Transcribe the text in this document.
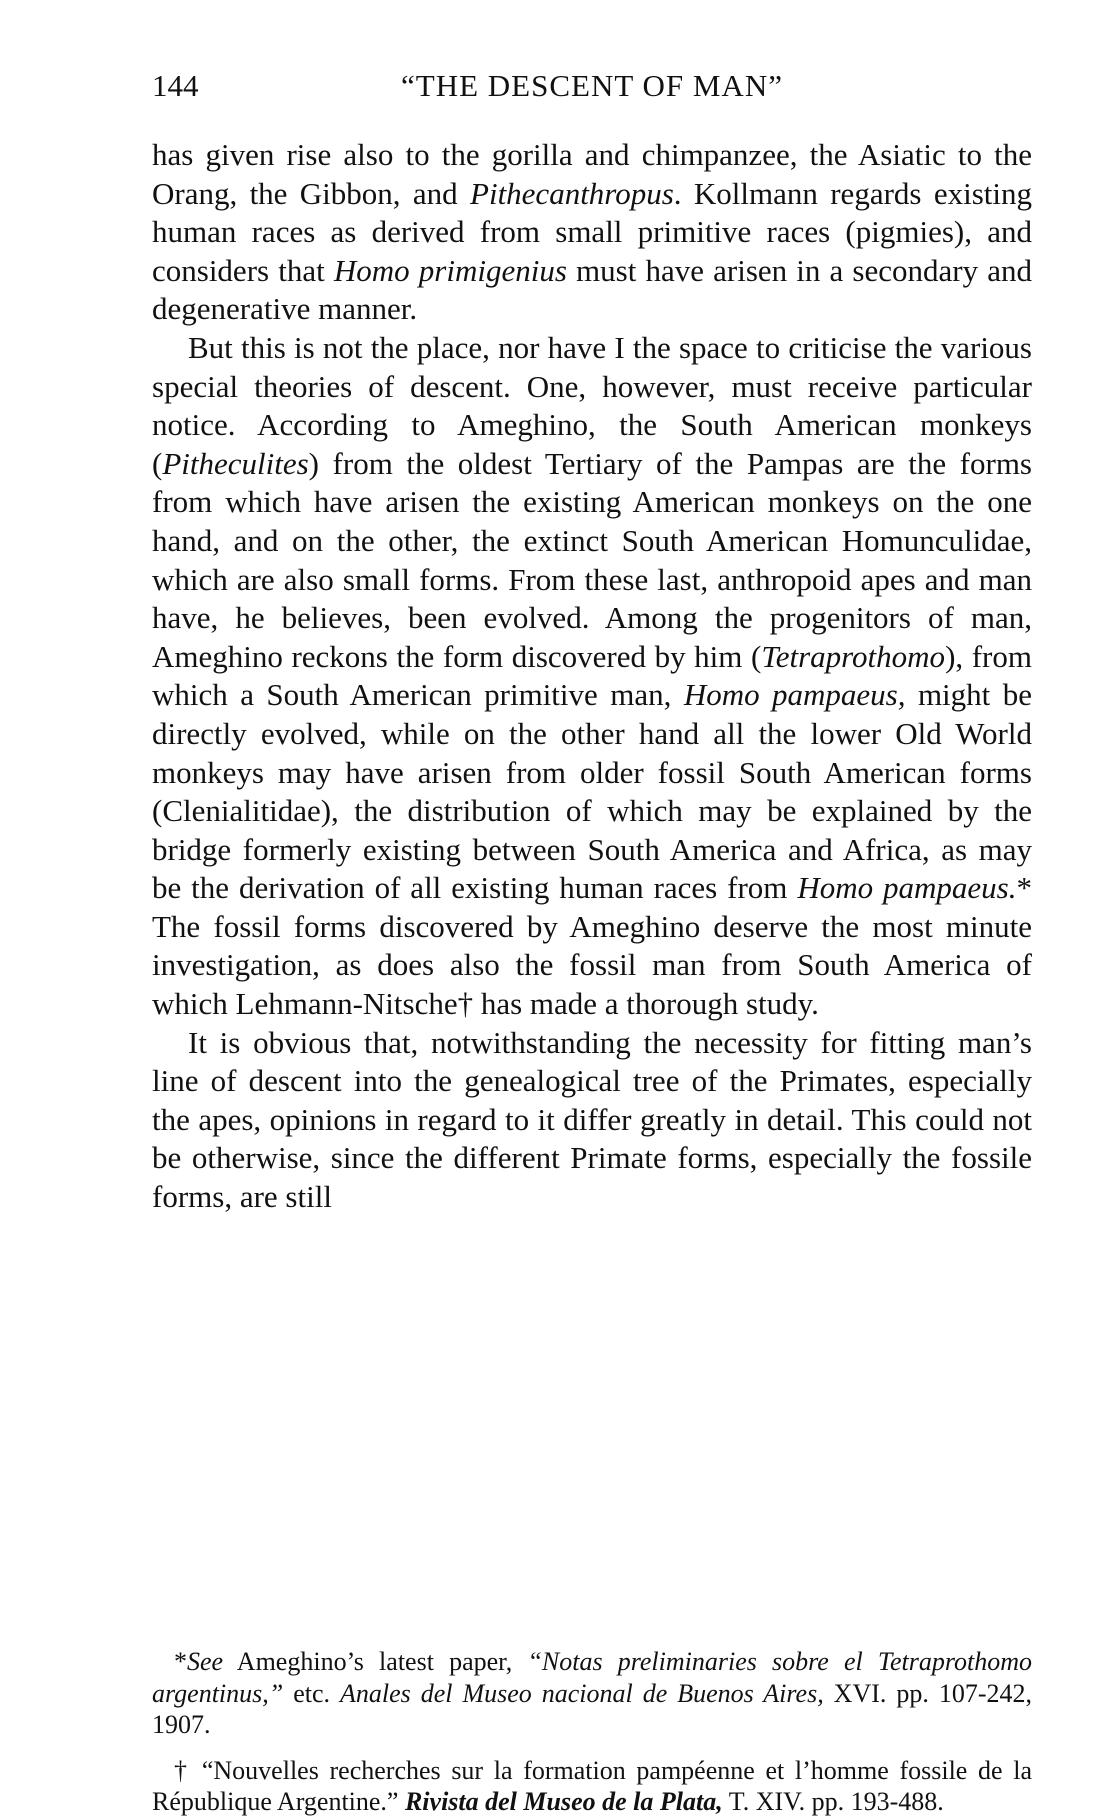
144	“THE DESCENT OF MAN”

has given rise also to the gorilla and chimpanzee, the Asiatic to the Orang, the Gibbon, and Pithecanthropus. Kollmann regards existing human races as derived from small primitive races (pigmies), and considers that Homo primigenius must have arisen in a secondary and degenerative manner.

But this is not the place, nor have I the space to criticise the various special theories of descent. One, however, must receive particular notice. According to Ameghino, the South American monkeys (Pitheculites) from the oldest Tertiary of the Pampas are the forms from which have arisen the existing American monkeys on the one hand, and on the other, the extinct South American Homunculidae, which are also small forms. From these last, anthropoid apes and man have, he believes, been evolved. Among the progenitors of man, Ameghino reckons the form discovered by him (Tetraprothomo), from which a South American primitive man, Homo pampaeus, might be directly evolved, while on the other hand all the lower Old World monkeys may have arisen from older fossil South American forms (Clenialitidae), the distribution of which may be explained by the bridge formerly existing between South America and Africa, as may be the derivation of all existing human races from Homo pampaeus.* The fossil forms discovered by Ameghino deserve the most minute investigation, as does also the fossil man from South America of which Lehmann-Nitsche† has made a thorough study.

It is obvious that, notwithstanding the necessity for fitting man’s line of descent into the genealogical tree of the Primates, especially the apes, opinions in regard to it differ greatly in detail. This could not be otherwise, since the different Primate forms, especially the fossile forms, are still

*See Ameghino’s latest paper, “Notas preliminaries sobre el Tetraprothomo argentinus,” etc. Anales del Museo nacional de Buenos Aires, XVI. pp. 107-242, 1907.

† “Nouvelles recherches sur la formation pampéenne et l’homme fossile de la République Argentine.” Rivista del Museo de la Plata, T. XIV. pp. 193-488.
